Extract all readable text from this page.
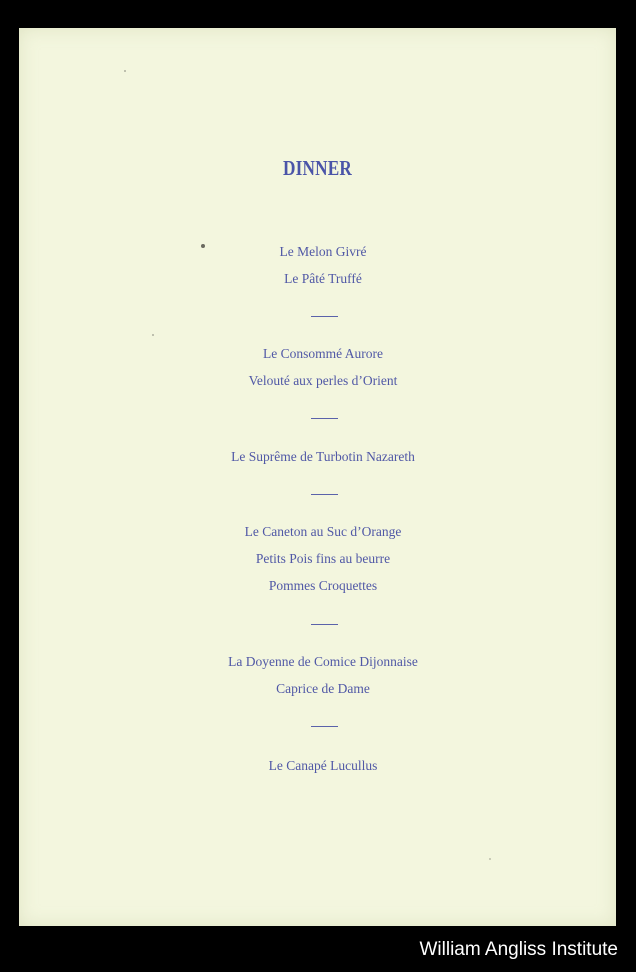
DINNER
Le Melon Givré
Le Pâté Truffé
Le Consommé Aurore
Velouté aux perles d’Orient
Le Suprême de Turbotin Nazareth
Le Caneton au Suc d’Orange
Petits Pois fins au beurre
Pommes Croquettes
La Doyenne de Comice Dijonnaise
Caprice de Dame
Le Canapé Lucullus
William Angliss Institute
